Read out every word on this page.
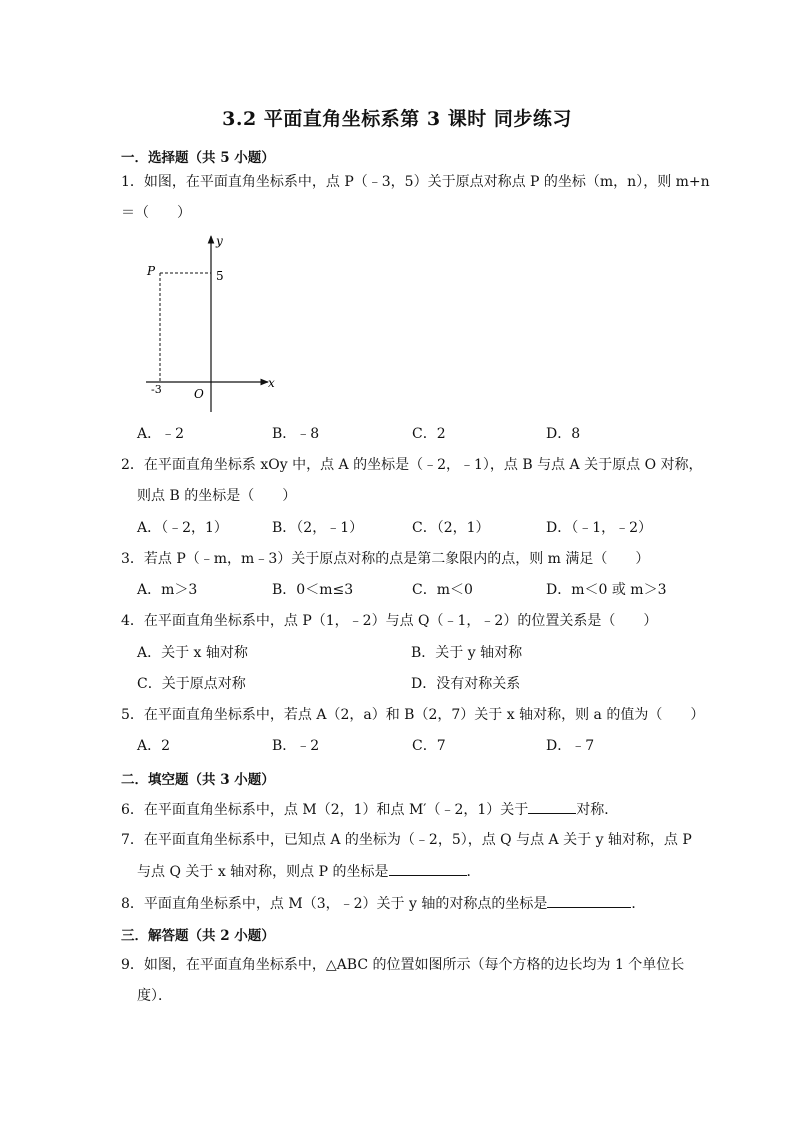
3.2 平面直角坐标系第 3 课时 同步练习
一．选择题（共 5 小题）
1．如图，在平面直角坐标系中，点 P（﹣3，5）关于原点对称点 P 的坐标（m，n），则 m+n
＝（　　）
y
x
O
P	5
-3
A．﹣2	B．﹣8	C．2	D．8
2．在平面直角坐标系 xOy 中，点 A 的坐标是（﹣2，﹣1），点 B 与点 A 关于原点 O 对称，
则点 B 的坐标是（　　）
A．（﹣2，1）	B．（2，﹣1）	C．（2，1）	D．（﹣1，﹣2）
3．若点 P（﹣m，m﹣3）关于原点对称的点是第二象限内的点，则 m 满足（　　）
A．m＞3	B．0＜m≤3	C．m＜0	D．m＜0 或 m＞3
4．在平面直角坐标系中，点 P（1，﹣2）与点 Q（﹣1，﹣2）的位置关系是（　　）
A．关于 x 轴对称	B．关于 y 轴对称
C．关于原点对称	D．没有对称关系
5．在平面直角坐标系中，若点 A（2，a）和 B（2，7）关于 x 轴对称，则 a 的值为（　　）
A．2	B．﹣2	C．7	D．﹣7
二．填空题（共 3 小题）
6．在平面直角坐标系中，点 M（2，1）和点 M′（﹣2，1）关于	对称．
7．在平面直角坐标系中，已知点 A 的坐标为（﹣2，5），点 Q 与点 A 关于 y 轴对称，点 P
与点 Q 关于 x 轴对称，则点 P 的坐标是	．
8．平面直角坐标系中，点 M（3，﹣2）关于 y 轴的对称点的坐标是	．
三．解答题（共 2 小题）
9．如图，在平面直角坐标系中，△ABC 的位置如图所示（每个方格的边长均为 1 个单位长
度）．
